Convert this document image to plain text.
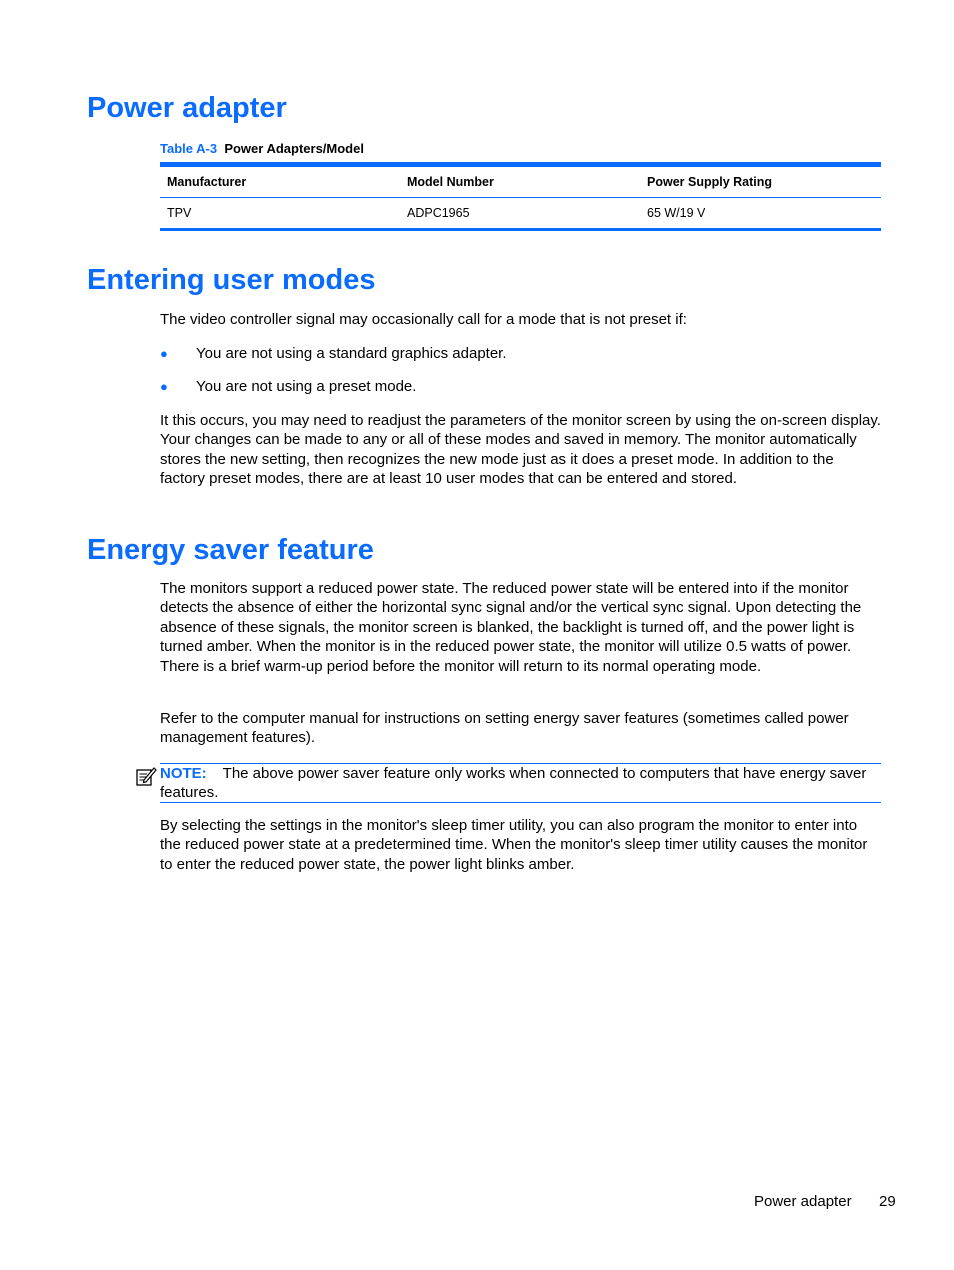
Power adapter
Table A-3 Power Adapters/Model
Manufacturer	Model Number	Power Supply Rating
TPV	ADPC1965	65 W/19 V
Entering user modes

The video controller signal may occasionally call for a mode that is not preset if:

● You are not using a standard graphics adapter.
● You are not using a preset mode.

It this occurs, you may need to readjust the parameters of the monitor screen by using the on-screen display. Your changes can be made to any or all of these modes and saved in memory. The monitor automatically stores the new setting, then recognizes the new mode just as it does a preset mode. In addition to the factory preset modes, there are at least 10 user modes that can be entered and stored.

Energy saver feature

The monitors support a reduced power state. The reduced power state will be entered into if the monitor detects the absence of either the horizontal sync signal and/or the vertical sync signal. Upon detecting the absence of these signals, the monitor screen is blanked, the backlight is turned off, and the power light is turned amber. When the monitor is in the reduced power state, the monitor will utilize 0.5 watts of power. There is a brief warm-up period before the monitor will return to its normal operating mode.

Refer to the computer manual for instructions on setting energy saver features (sometimes called power management features).

NOTE: The above power saver feature only works when connected to computers that have energy saver features.

By selecting the settings in the monitor's sleep timer utility, you can also program the monitor to enter into the reduced power state at a predetermined time. When the monitor's sleep timer utility causes the monitor to enter the reduced power state, the power light blinks amber.

Power adapter 29
